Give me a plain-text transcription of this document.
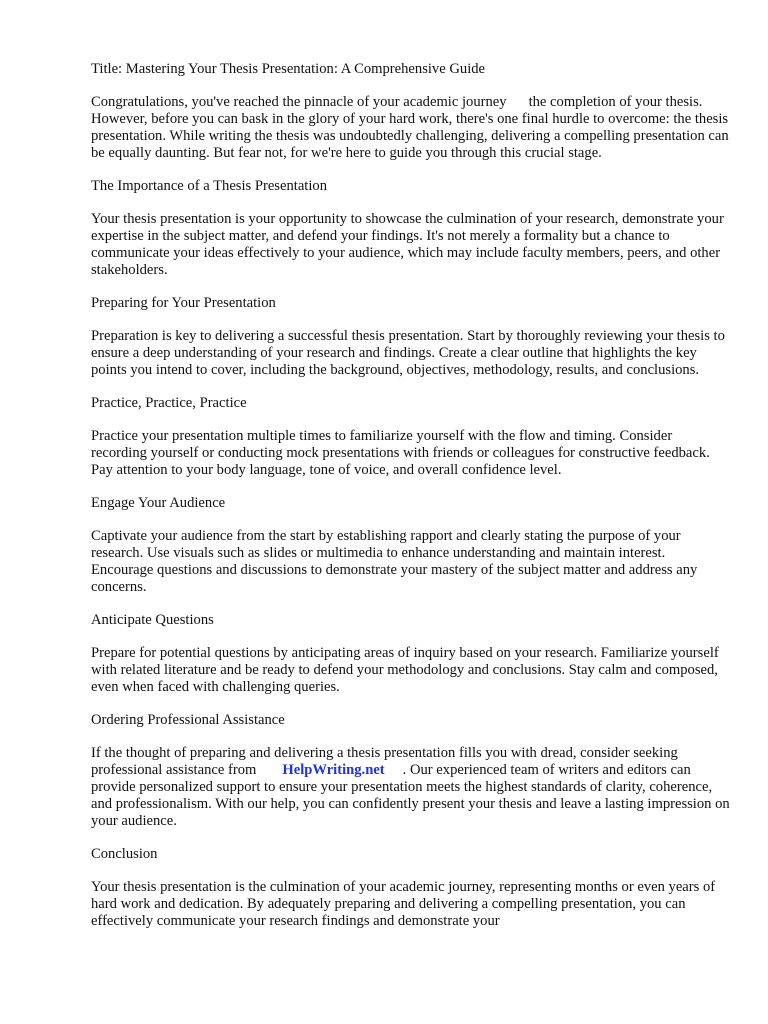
Title: Mastering Your Thesis Presentation: A Comprehensive Guide

Congratulations, you've reached the pinnacle of your academic journey the completion of your thesis. However, before you can bask in the glory of your hard work, there's one final hurdle to overcome: the thesis presentation. While writing the thesis was undoubtedly challenging, delivering a compelling presentation can be equally daunting. But fear not, for we're here to guide you through this crucial stage.

The Importance of a Thesis Presentation

Your thesis presentation is your opportunity to showcase the culmination of your research, demonstrate your expertise in the subject matter, and defend your findings. It's not merely a formality but a chance to communicate your ideas effectively to your audience, which may include faculty members, peers, and other stakeholders.

Preparing for Your Presentation

Preparation is key to delivering a successful thesis presentation. Start by thoroughly reviewing your thesis to ensure a deep understanding of your research and findings. Create a clear outline that highlights the key points you intend to cover, including the background, objectives, methodology, results, and conclusions.

Practice, Practice, Practice

Practice your presentation multiple times to familiarize yourself with the flow and timing. Consider recording yourself or conducting mock presentations with friends or colleagues for constructive feedback. Pay attention to your body language, tone of voice, and overall confidence level.

Engage Your Audience

Captivate your audience from the start by establishing rapport and clearly stating the purpose of your research. Use visuals such as slides or multimedia to enhance understanding and maintain interest. Encourage questions and discussions to demonstrate your mastery of the subject matter and address any concerns.

Anticipate Questions

Prepare for potential questions by anticipating areas of inquiry based on your research. Familiarize yourself with related literature and be ready to defend your methodology and conclusions. Stay calm and composed, even when faced with challenging queries.

Ordering Professional Assistance

If the thought of preparing and delivering a thesis presentation fills you with dread, consider seeking professional assistance from HelpWriting.net . Our experienced team of writers and editors can provide personalized support to ensure your presentation meets the highest standards of clarity, coherence, and professionalism. With our help, you can confidently present your thesis and leave a lasting impression on your audience.

Conclusion

Your thesis presentation is the culmination of your academic journey, representing months or even years of hard work and dedication. By adequately preparing and delivering a compelling presentation, you can effectively communicate your research findings and demonstrate your
